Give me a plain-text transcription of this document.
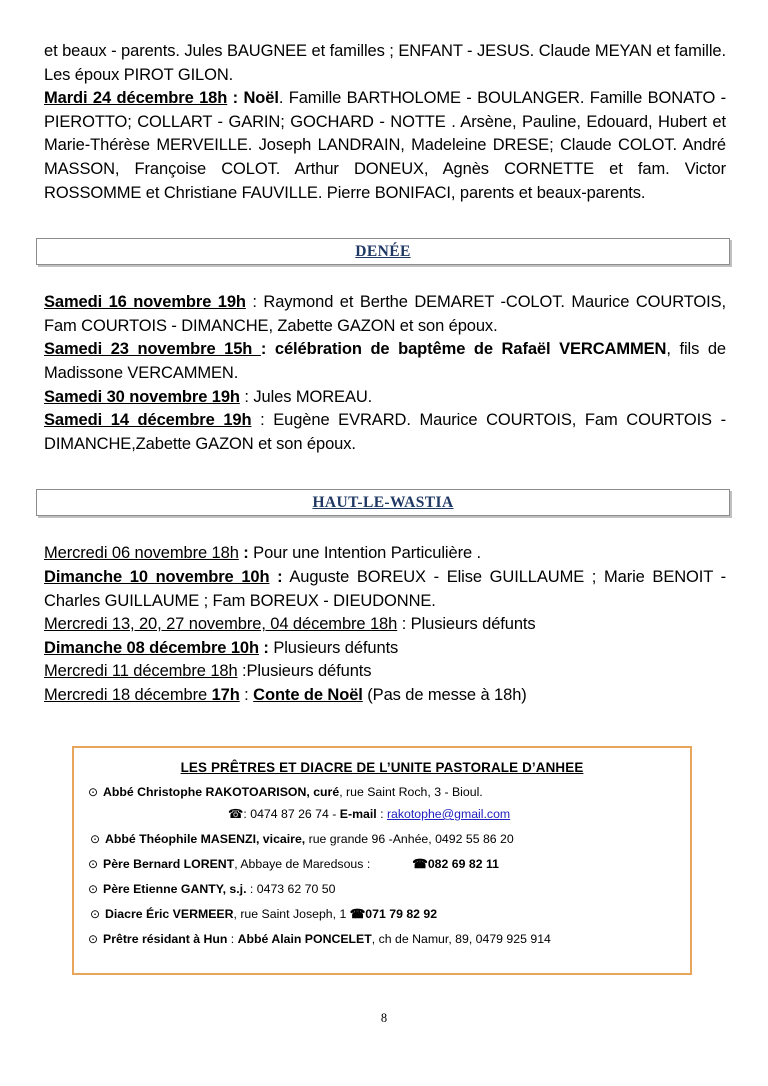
et beaux - parents. Jules BAUGNEE et familles ; ENFANT - JESUS. Claude MEYAN et famille. Les époux PIROT GILON.

Mardi 24 décembre 18h : Noël. Famille BARTHOLOME - BOULANGER. Famille BONATO - PIEROTTO; COLLART - GARIN; GOCHARD - NOTTE . Arsène, Pauline, Edouard, Hubert et Marie-Thérèse MERVEILLE. Joseph LANDRAIN, Madeleine DRESE; Claude COLOT. André MASSON, Françoise COLOT. Arthur DONEUX, Agnès CORNETTE et fam. Victor ROSSOMME et Christiane FAUVILLE. Pierre BONIFACI, parents et beaux-parents.

DENÉE

Samedi 16 novembre 19h : Raymond et Berthe DEMARET -COLOT. Maurice COURTOIS, Fam COURTOIS - DIMANCHE, Zabette GAZON et son époux.

Samedi 23 novembre 15h : célébration de baptême de Rafaël VERCAMMEN, fils de Madissone VERCAMMEN.

Samedi 30 novembre 19h : Jules MOREAU.

Samedi 14 décembre 19h : Eugène EVRARD. Maurice COURTOIS, Fam COURTOIS - DIMANCHE,Zabette GAZON et son époux.

HAUT-LE-WASTIA

Mercredi 06 novembre 18h : Pour une Intention Particulière .

Dimanche 10 novembre 10h : Auguste BOREUX - Elise GUILLAUME ; Marie BENOIT - Charles GUILLAUME ; Fam BOREUX - DIEUDONNE.

Mercredi 13, 20, 27 novembre, 04 décembre 18h : Plusieurs défunts

Dimanche 08 décembre 10h : Plusieurs défunts

Mercredi 11 décembre 18h :Plusieurs défunts

Mercredi 18 décembre 17h : Conte de Noël (Pas de messe à 18h)

LES PRÊTRES ET DIACRE DE L’UNITE PASTORALE D’ANHEE
⊙ Abbé Christophe RAKOTOARISON, curé, rue Saint Roch, 3 - Bioul.
☎: 0474 87 26 74 - E-mail : rakotophe@gmail.com
⊙ Abbé Théophile MASENZI, vicaire, rue grande 96 -Anhée, 0492 55 86 20
⊙ Père Bernard LORENT, Abbaye de Maredsous :	☎082 69 82 11
⊙ Père Etienne GANTY, s.j. : 0473 62 70 50
⊙ Diacre Éric VERMEER, rue Saint Joseph, 1 ☎071 79 82 92
⊙ Prêtre résidant à Hun : Abbé Alain PONCELET, ch de Namur, 89, 0479 925 914
8
